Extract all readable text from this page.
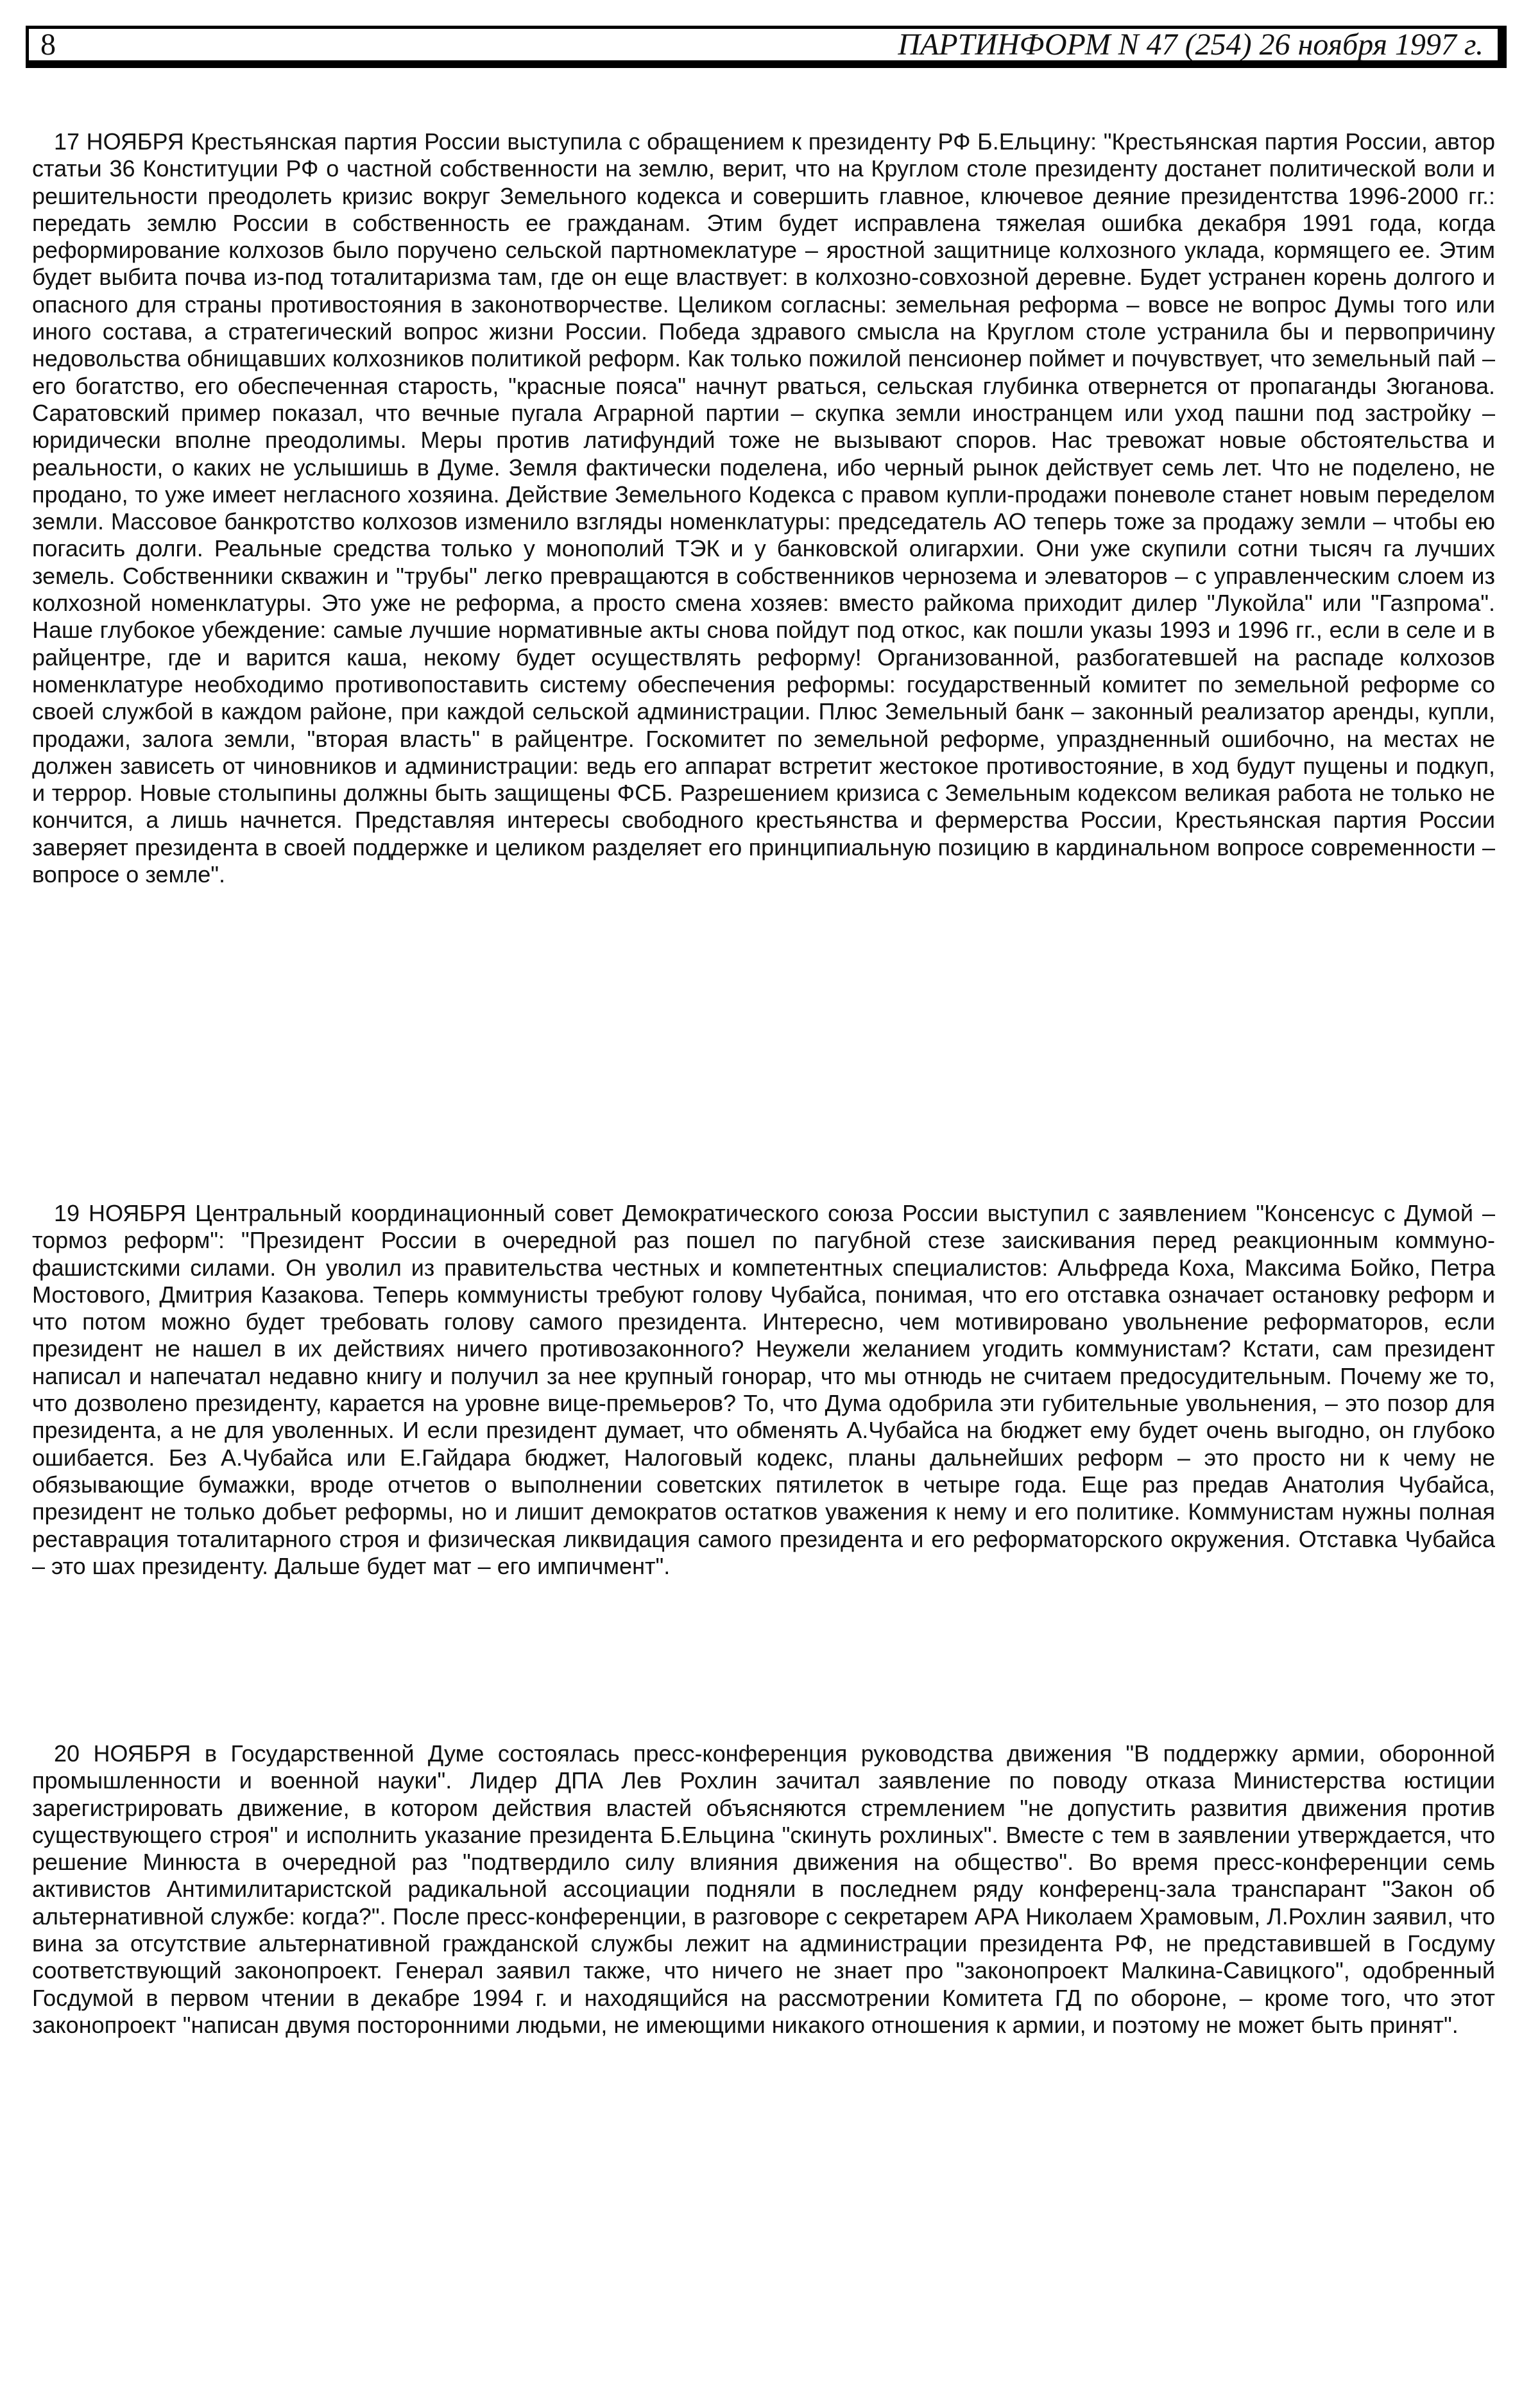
8	ПАРТИНФОРМ N 47 (254) 26 ноября 1997 г.

17 НОЯБРЯ Крестьянская партия России выступила с обращением к президенту РФ Б.Ельцину: "Крестьянская партия России, автор статьи 36 Конституции РФ о частной собственности на землю, верит, что на Круглом столе президенту достанет политической воли и решительности преодолеть кризис вокруг Земельного кодекса и совершить главное, ключевое деяние президентства 1996-2000 гг.: передать землю России в собственность ее гражданам. Этим будет исправлена тяжелая ошибка декабря 1991 года, когда реформирование колхозов было поручено сельской партномеклатуре – яростной защитнице колхозного уклада, кормящего ее. Этим будет выбита почва из-под тоталитаризма там, где он еще властвует: в колхозно-совхозной деревне. Будет устранен корень долгого и опасного для страны противостояния в законотворчестве. Целиком согласны: земельная реформа – вовсе не вопрос Думы того или иного состава, а стратегический вопрос жизни России. Победа здравого смысла на Круглом столе устранила бы и первопричину недовольства обнищавших колхозников политикой реформ. Как только пожилой пенсионер поймет и почувствует, что земельный пай – его богатство, его обеспеченная старость, "красные пояса" начнут рваться, сельская глубинка отвернется от пропаганды Зюганова. Саратовский пример показал, что вечные пугала Аграрной партии – скупка земли иностранцем или уход пашни под застройку – юридически вполне преодолимы. Меры против латифундий тоже не вызывают споров. Нас тревожат новые обстоятельства и реальности, о каких не услышишь в Думе. Земля фактически поделена, ибо черный рынок действует семь лет. Что не поделено, не продано, то уже имеет негласного хозяина. Действие Земельного Кодекса с правом купли-продажи поневоле станет новым переделом земли. Массовое банкротство колхозов изменило взгляды номенклатуры: председатель АО теперь тоже за продажу земли – чтобы ею погасить долги. Реальные средства только у монополий ТЭК и у банковской олигархии. Они уже скупили сотни тысяч га лучших земель. Собственники скважин и "трубы" легко превращаются в собственников чернозема и элеваторов – с управленческим слоем из колхозной номенклатуры. Это уже не реформа, а просто смена хозяев: вместо райкома приходит дилер "Лукойла" или "Газпрома". Наше глубокое убеждение: самые лучшие нормативные акты снова пойдут под откос, как пошли указы 1993 и 1996 гг., если в селе и в райцентре, где и варится каша, некому будет осуществлять реформу! Организованной, разбогатевшей на распаде колхозов номенклатуре необходимо противопоставить систему обеспечения реформы: государственный комитет по земельной реформе со своей службой в каждом районе, при каждой сельской администрации. Плюс Земельный банк – законный реализатор аренды, купли, продажи, залога земли, "вторая власть" в райцентре. Госкомитет по земельной реформе, упраздненный ошибочно, на местах не должен зависеть от чиновников и администрации: ведь его аппарат встретит жестокое противостояние, в ход будут пущены и подкуп, и террор. Новые столыпины должны быть защищены ФСБ. Разрешением кризиса с Земельным кодексом великая работа не только не кончится, а лишь начнется. Представляя интересы свободного крестьянства и фермерства России, Крестьянская партия России заверяет президента в своей поддержке и целиком разделяет его принципиальную позицию в кардинальном вопросе современности – вопросе о земле".

19 НОЯБРЯ Центральный координационный совет Демократического союза России выступил с заявлением "Консенсус с Думой – тормоз реформ": "Президент России в очередной раз пошел по пагубной стезе заискивания перед реакционным коммуно-фашистскими силами. Он уволил из правительства честных и компетентных специалистов: Альфреда Коха, Максима Бойко, Петра Мостового, Дмитрия Казакова. Теперь коммунисты требуют голову Чубайса, понимая, что его отставка означает остановку реформ и что потом можно будет требовать голову самого президента. Интересно, чем мотивировано увольнение реформаторов, если президент не нашел в их действиях ничего противозаконного? Неужели желанием угодить коммунистам? Кстати, сам президент написал и напечатал недавно книгу и получил за нее крупный гонорар, что мы отнюдь не считаем предосудительным. Почему же то, что дозволено президенту, карается на уровне вице-премьеров? То, что Дума одобрила эти губительные увольнения, – это позор для президента, а не для уволенных. И если президент думает, что обменять А.Чубайса на бюджет ему будет очень выгодно, он глубоко ошибается. Без А.Чубайса или Е.Гайдара бюджет, Налоговый кодекс, планы дальнейших реформ – это просто ни к чему не обязывающие бумажки, вроде отчетов о выполнении советских пятилеток в четыре года. Еще раз предав Анатолия Чубайса, президент не только добьет реформы, но и лишит демократов остатков уважения к нему и его политике. Коммунистам нужны полная реставрация тоталитарного строя и физическая ликвидация самого президента и его реформаторского окружения. Отставка Чубайса – это шах президенту. Дальше будет мат – его импичмент".

20 НОЯБРЯ в Государственной Думе состоялась пресс-конференция руководства движения "В поддержку армии, оборонной промышленности и военной науки". Лидер ДПА Лев Рохлин зачитал заявление по поводу отказа Министерства юстиции зарегистрировать движение, в котором действия властей объясняются стремлением "не допустить развития движения против существующего строя" и исполнить указание президента Б.Ельцина "скинуть рохлиных". Вместе с тем в заявлении утверждается, что решение Минюста в очередной раз "подтвердило силу влияния движения на общество". Во время пресс-конференции семь активистов Антимилитаристской радикальной ассоциации подняли в последнем ряду конференц-зала транспарант "Закон об альтернативной службе: когда?". После пресс-конференции, в разговоре с секретарем АРА Николаем Храмовым, Л.Рохлин заявил, что вина за отсутствие альтернативной гражданской службы лежит на администрации президента РФ, не представившей в Госдуму соответствующий законопроект. Генерал заявил также, что ничего не знает про "законопроект Малкина-Савицкого", одобренный Госдумой в первом чтении в декабре 1994 г. и находящийся на рассмотрении Комитета ГД по обороне, – кроме того, что этот законопроект "написан двумя посторонними людьми, не имеющими никакого отношения к армии, и поэтому не может быть принят".
